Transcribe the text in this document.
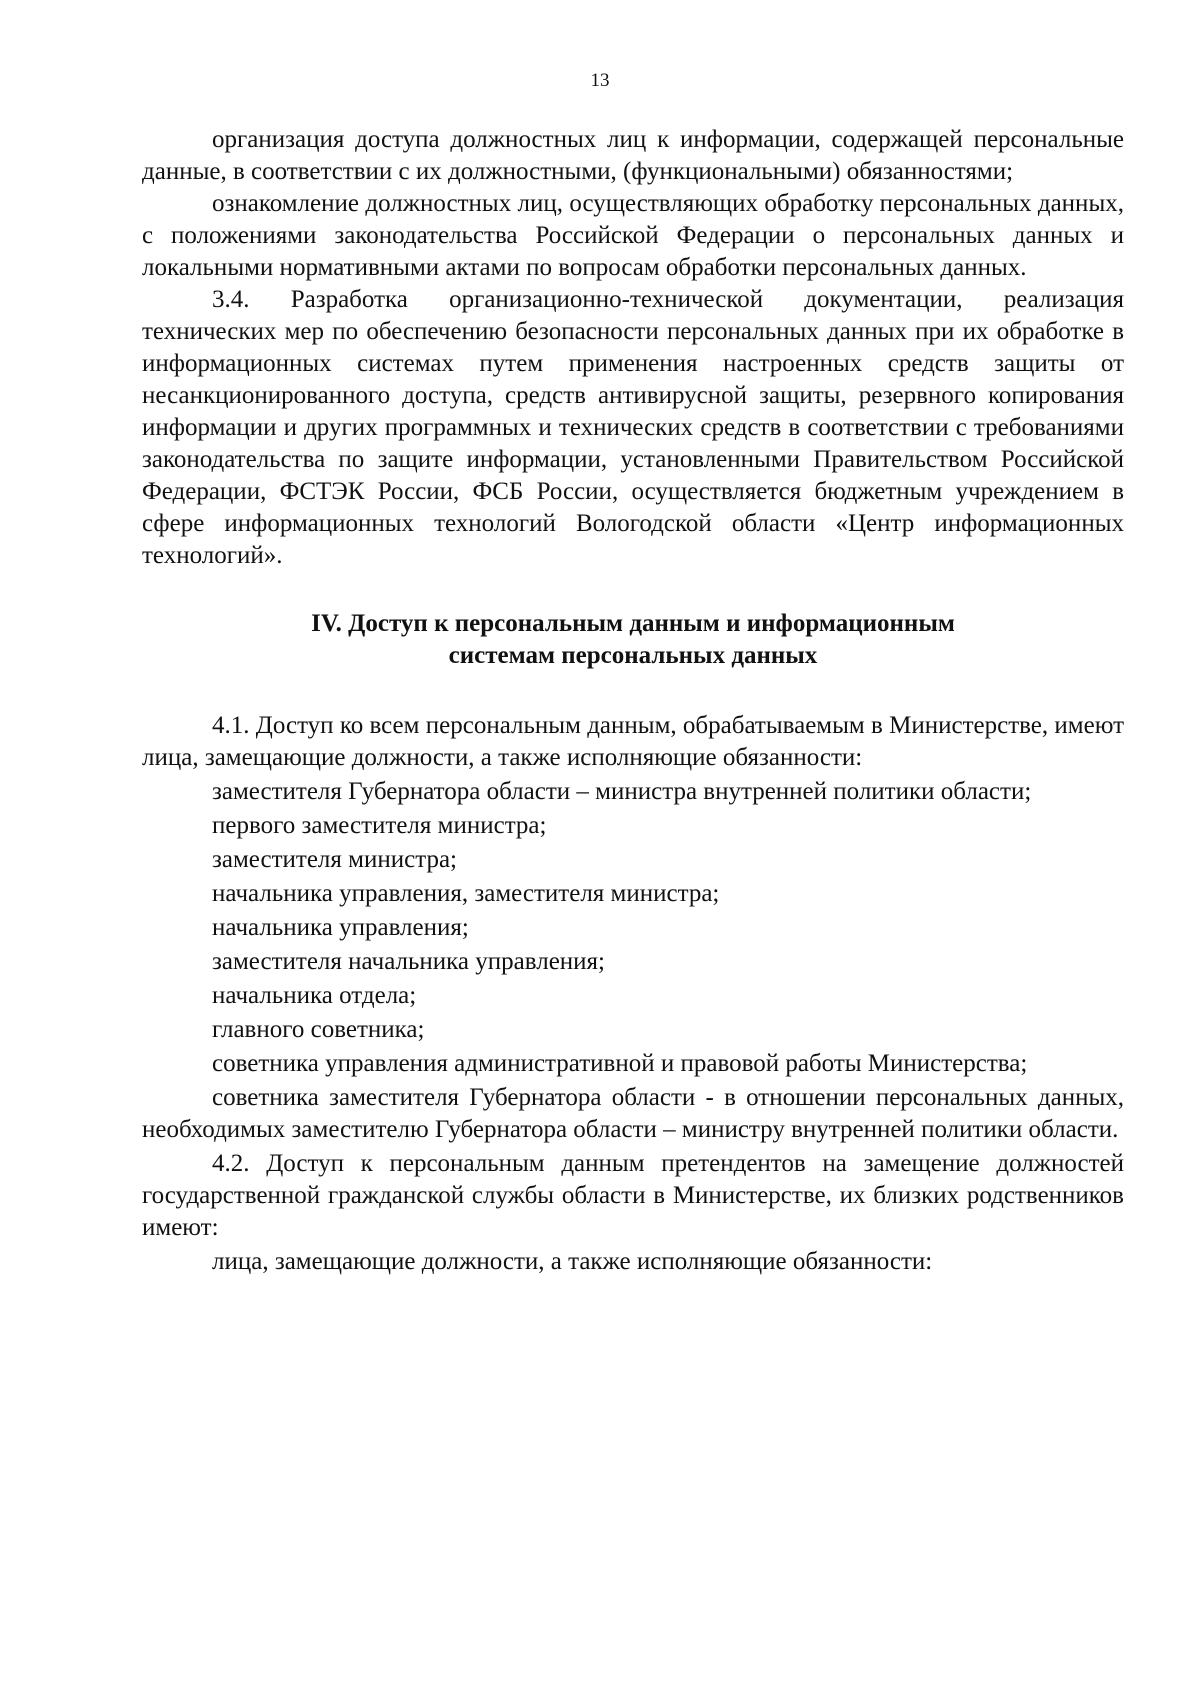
13

организация доступа должностных лиц к информации, содержащей персональные данные, в соответствии с их должностными, (функциональными) обязанностями;

ознакомление должностных лиц, осуществляющих обработку персональных данных, с положениями законодательства Российской Федерации о персональных данных и локальными нормативными актами по вопросам обработки персональных данных.

3.4. Разработка организационно-технической документации, реализация технических мер по обеспечению безопасности персональных данных при их обработке в информационных системах путем применения настроенных средств защиты от несанкционированного доступа, средств антивирусной защиты, резервного копирования информации и других программных и технических средств в соответствии с требованиями законодательства по защите информации, установленными Правительством Российской Федерации, ФСТЭК России, ФСБ России, осуществляется бюджетным учреждением в сфере информационных технологий Вологодской области «Центр информационных технологий».

IV. Доступ к персональным данным и информационным
системам персональных данных

4.1. Доступ ко всем персональным данным, обрабатываемым в Министерстве, имеют лица, замещающие должности, а также исполняющие обязанности:

заместителя Губернатора области – министра внутренней политики области;

первого заместителя министра;

заместителя министра;

начальника управления, заместителя министра;

начальника управления;

заместителя начальника управления;

начальника отдела;

главного советника;

советника управления административной и правовой работы Министерства;

советника заместителя Губернатора области - в отношении персональных данных, необходимых заместителю Губернатора области – министру внутренней политики области.

4.2. Доступ к персональным данным претендентов на замещение должностей государственной гражданской службы области в Министерстве, их близких родственников имеют:

лица, замещающие должности, а также исполняющие обязанности:
